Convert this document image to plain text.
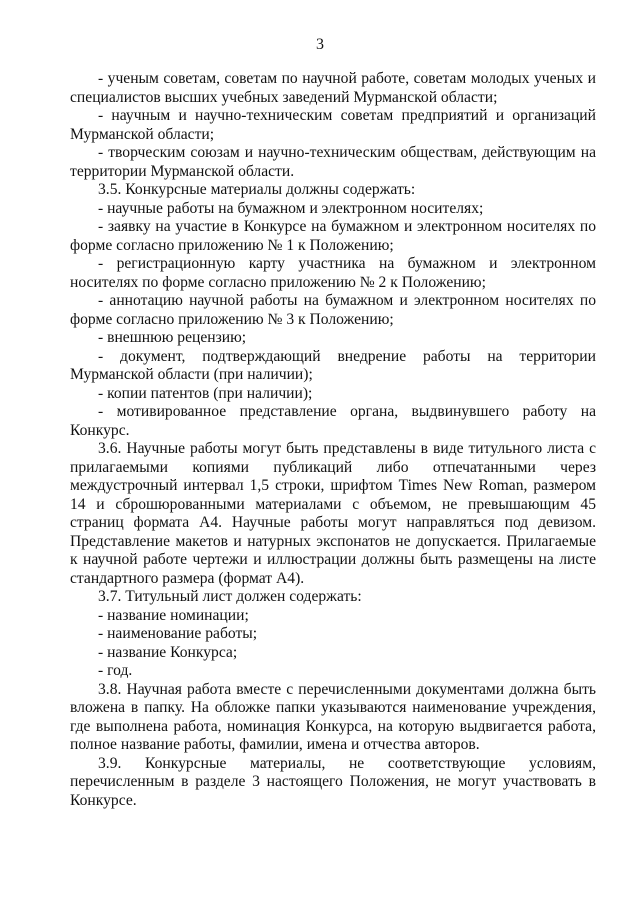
3

- ученым советам, советам по научной работе, советам молодых ученых и специалистов высших учебных заведений Мурманской области;

- научным и научно-техническим советам предприятий и организаций Мурманской области;

- творческим союзам и научно-техническим обществам, действующим на территории Мурманской области.

3.5. Конкурсные материалы должны содержать:

- научные работы на бумажном и электронном носителях;

- заявку на участие в Конкурсе на бумажном и электронном носителях по форме согласно приложению № 1 к Положению;

- регистрационную карту участника на бумажном и электронном носителях по форме согласно приложению № 2 к Положению;

- аннотацию научной работы на бумажном и электронном носителях по форме согласно приложению № 3 к Положению;

- внешнюю рецензию;

- документ, подтверждающий внедрение работы на территории Мурманской области (при наличии);

- копии патентов (при наличии);

- мотивированное представление органа, выдвинувшего работу на Конкурс.

3.6. Научные работы могут быть представлены в виде титульного листа с прилагаемыми копиями публикаций либо отпечатанными через междустрочный интервал 1,5 строки, шрифтом Times New Roman, размером 14 и сброшюрованными материалами с объемом, не превышающим 45 страниц формата А4. Научные работы могут направляться под девизом. Представление макетов и натурных экспонатов не допускается. Прилагаемые к научной работе чертежи и иллюстрации должны быть размещены на листе стандартного размера (формат А4).

3.7. Титульный лист должен содержать:

- название номинации;

- наименование работы;

- название Конкурса;

- год.

3.8. Научная работа вместе с перечисленными документами должна быть вложена в папку. На обложке папки указываются наименование учреждения, где выполнена работа, номинация Конкурса, на которую выдвигается работа, полное название работы, фамилии, имена и отчества авторов.

3.9. Конкурсные материалы, не соответствующие условиям, перечисленным в разделе 3 настоящего Положения, не могут участвовать в Конкурсе.
